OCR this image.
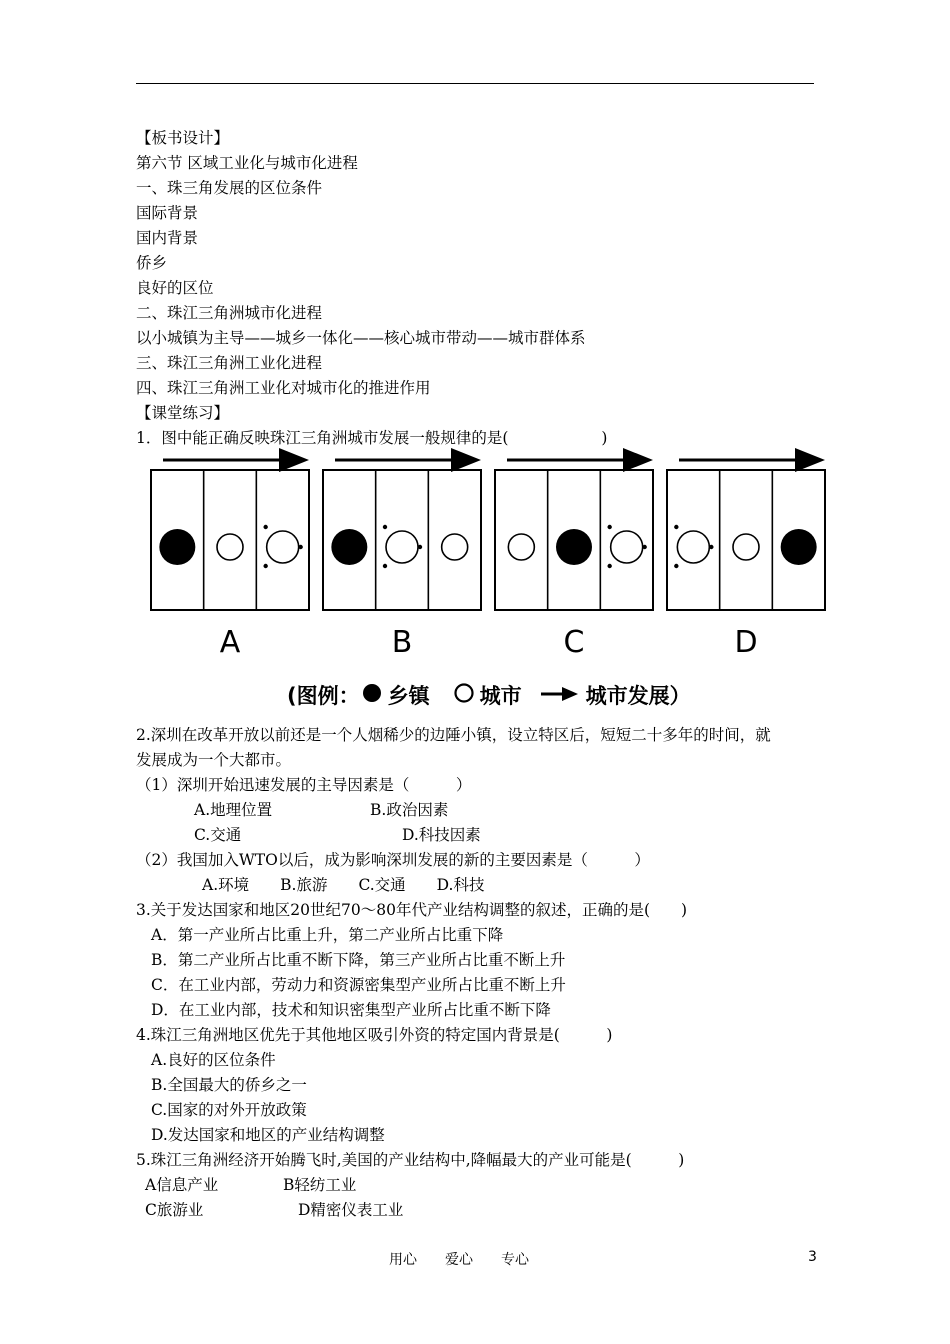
【板书设计】
第六节 区域工业化与城市化进程
一、珠三角发展的区位条件
国际背景
国内背景
侨乡
良好的区位
二、珠江三角洲城市化进程
以小城镇为主导——城乡一体化——核心城市带动——城市群体系
三、珠江三角洲工业化进程
四、珠江三角洲工业化对城市化的推进作用
【课堂练习】
1．图中能正确反映珠江三角洲城市发展一般规律的是(　　　　　　)
A	B	C	D
(图例： 乡镇 城市	城市发展 ）
2.深圳在改革开放以前还是一个人烟稀少的边陲小镇，设立特区后，短短二十多年的时间，就
发展成为一个大都市。
（1）深圳开始迅速发展的主导因素是（　　　）
A.地理位置	B.政治因素
C.交通	D.科技因素
（2）我国加入WTO以后，成为影响深圳发展的新的主要因素是（　　　）
A.环境　　B.旅游　　C.交通　　D.科技
3.关于发达国家和地区20世纪70～80年代产业结构调整的叙述，正确的是(　　)
A．第一产业所占比重上升，第二产业所占比重下降
B．第二产业所占比重不断下降，第三产业所占比重不断上升
C．在工业内部，劳动力和资源密集型产业所占比重不断上升
D．在工业内部，技术和知识密集型产业所占比重不断下降
4.珠江三角洲地区优先于其他地区吸引外资的特定国内背景是(　　　)
A.良好的区位条件
B.全国最大的侨乡之一
C.国家的对外开放政策
D.发达国家和地区的产业结构调整
5.珠江三角洲经济开始腾飞时,美国的产业结构中,降幅最大的产业可能是(　　　)
A信息产业	B轻纺工业
C旅游业	D精密仪表工业
用心　　爱心　　专心	3
